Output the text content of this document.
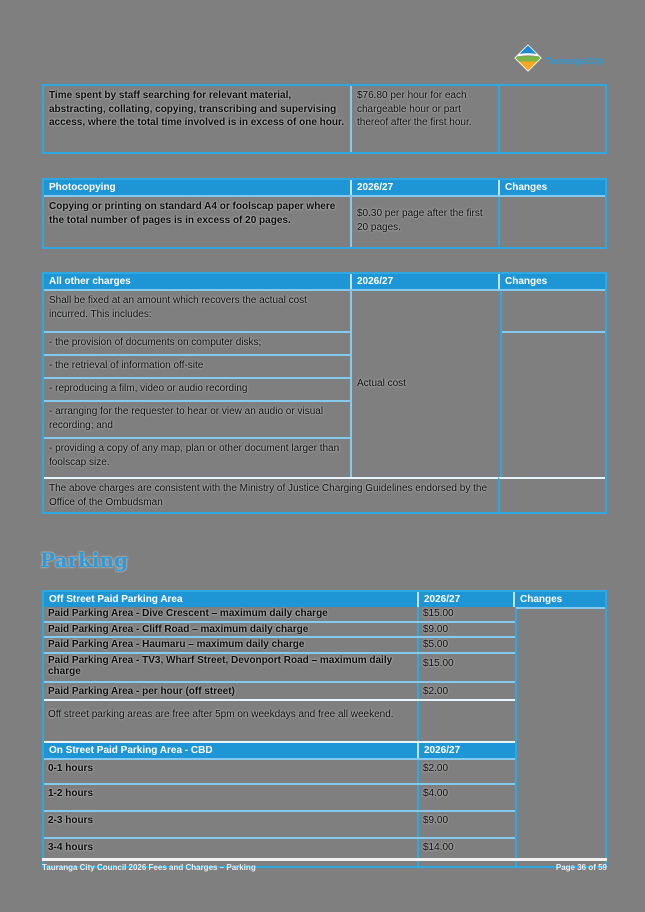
TaurangaCity
Time spent by staff searching for relevant material, abstracting, collating, copying, transcribing and supervising access, where the total time involved is in excess of one hour.
$76.80 per hour for each chargeable hour or part thereof after the first hour.
Photocopying	2026/27	Changes
Copying or printing on standard A4 or foolscap paper where the total number of pages is in excess of 20 pages.
$0.30 per page after the first 20 pages.
All other charges	2026/27	Changes
Shall be fixed at an amount which recovers the actual cost incurred. This includes:
- the provision of documents on computer disks;
- the retrieval of information off-site
- reproducing a film, video or audio recording
- arranging for the requester to hear or view an audio or visual recording; and
- providing a copy of any map, plan or other document larger than foolscap size.
Actual cost
The above charges are consistent with the Ministry of Justice Charging Guidelines endorsed by the Office of the Ombudsman
Parking
Off Street Paid Parking Area	2026/27	Changes
Paid Parking Area - Dive Crescent – maximum daily charge	$15.00
Paid Parking Area - Cliff Road – maximum daily charge	$9.00
Paid Parking Area - Haumaru – maximum daily charge	$5.00
Paid Parking Area - TV3, Wharf Street, Devonport Road – maximum daily charge
$15.00
Paid Parking Area - per hour (off street)	$2.00
Off street parking areas are free after 5pm on weekdays and free all weekend.
On Street Paid Parking Area - CBD	2026/27
0-1 hours	$2.00
1-2 hours	$4.00
2-3 hours	$9.00
3-4 hours	$14.00
Tauranga City Council 2026 Fees and Charges – Parking	Page 36 of 59
